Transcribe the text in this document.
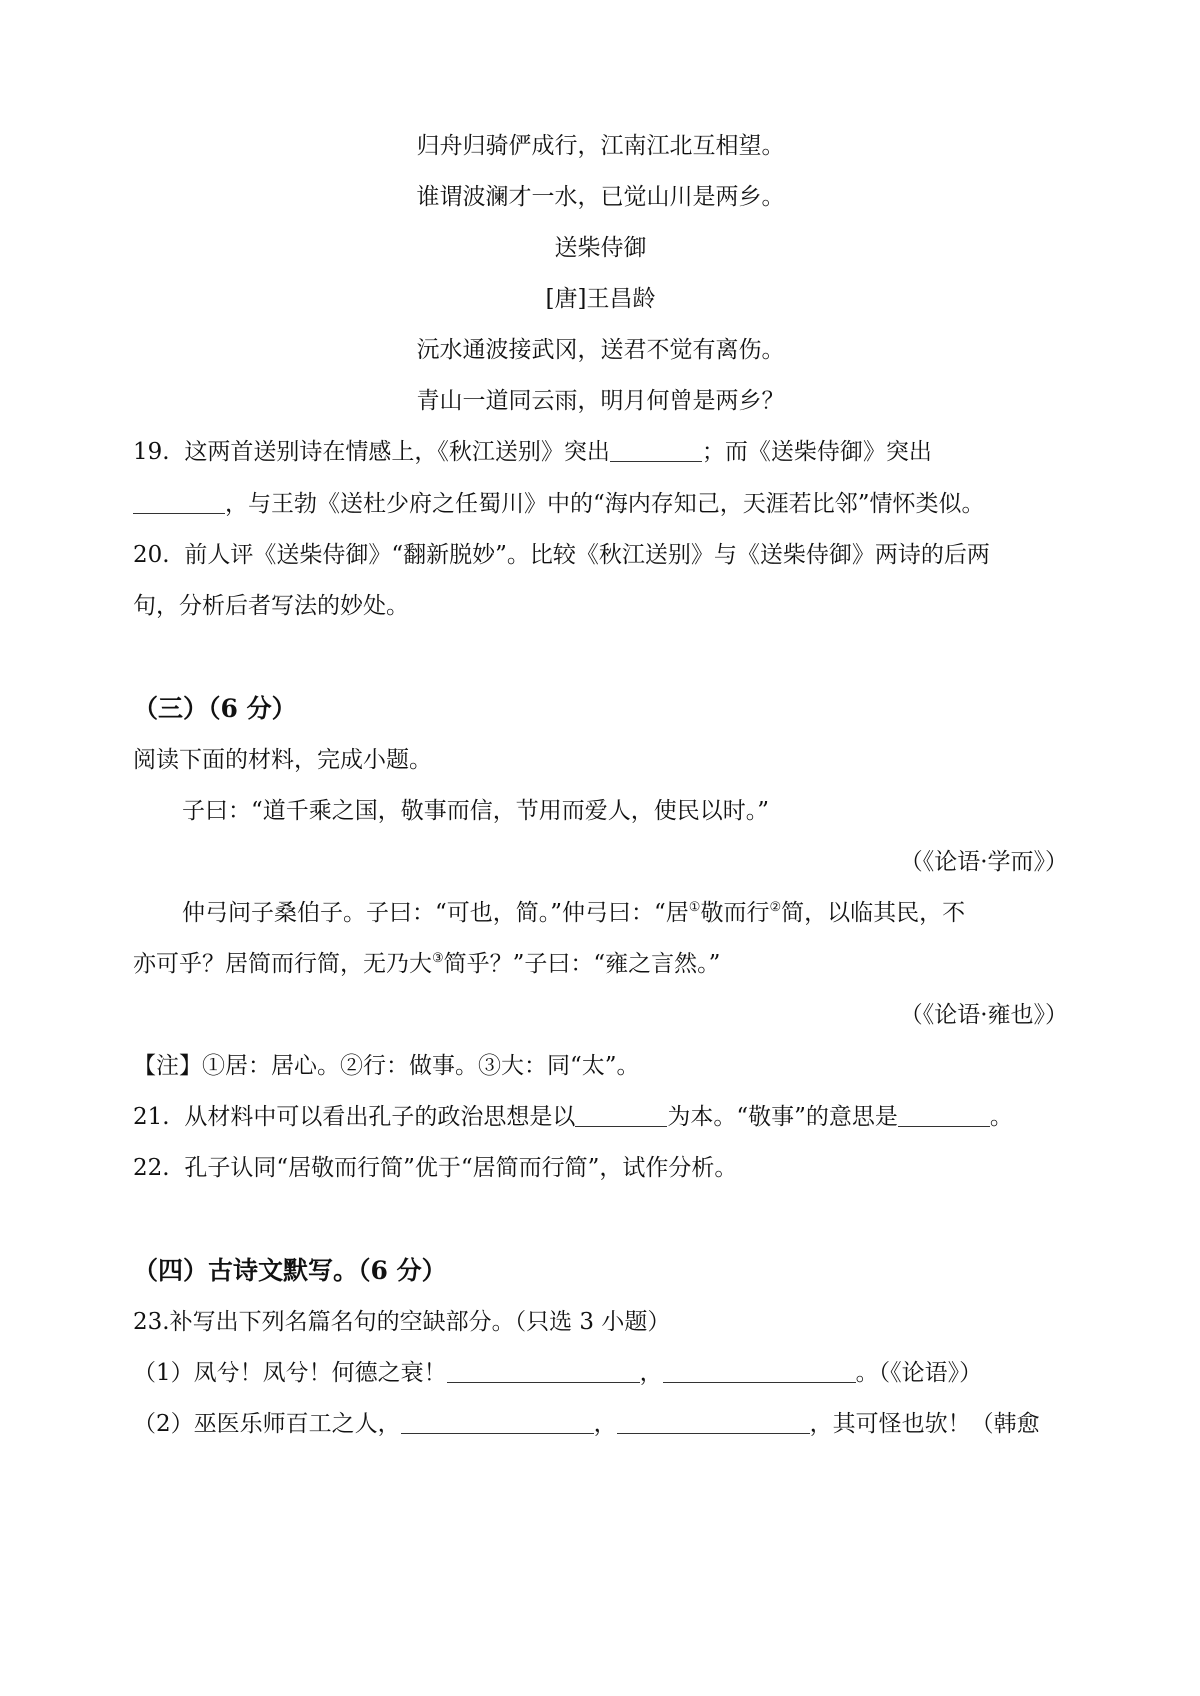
归舟归骑俨成行，江南江北互相望。
谁谓波澜才一水，已觉山川是两乡。
送柴侍御
[唐]王昌龄
沅水通波接武冈，送君不觉有离伤。
青山一道同云雨，明月何曾是两乡？
19. 这两首送别诗在情感上，《秋江送别》突出	；而《送柴侍御》突出
，与王勃《送杜少府之任蜀川》中的“海内存知己，天涯若比邻”情怀类似。
20. 前人评《送柴侍御》“翻新脱妙”。比较《秋江送别》与《送柴侍御》两诗的后两
句，分析后者写法的妙处。
（三）（6 分）
阅读下面的材料，完成小题。
子曰：“道千乘之国，敬事而信，节用而爱人，使民以时。”
（《论语·学而》）
仲弓问子桑伯子。子曰：“可也，简。”仲弓曰：“居①敬而行②简，以临其民，不
亦可乎？居简而行简，无乃大③简乎？”子曰：“雍之言然。”
（《论语·雍也》）
【注】①居：居心。②行：做事。③大：同“太”。
21. 从材料中可以看出孔子的政治思想是以	为本。“敬事”的意思是	。
22. 孔子认同“居敬而行简”优于“居简而行简”，试作分析。
（四）古诗文默写。（6 分）
23.补写出下列名篇名句的空缺部分。（只选 3 小题）
（1）凤兮！凤兮！何德之衰！	，	。（《论语》）
（2）巫医乐师百工之人，	，	，其可怪也欤！（韩愈
